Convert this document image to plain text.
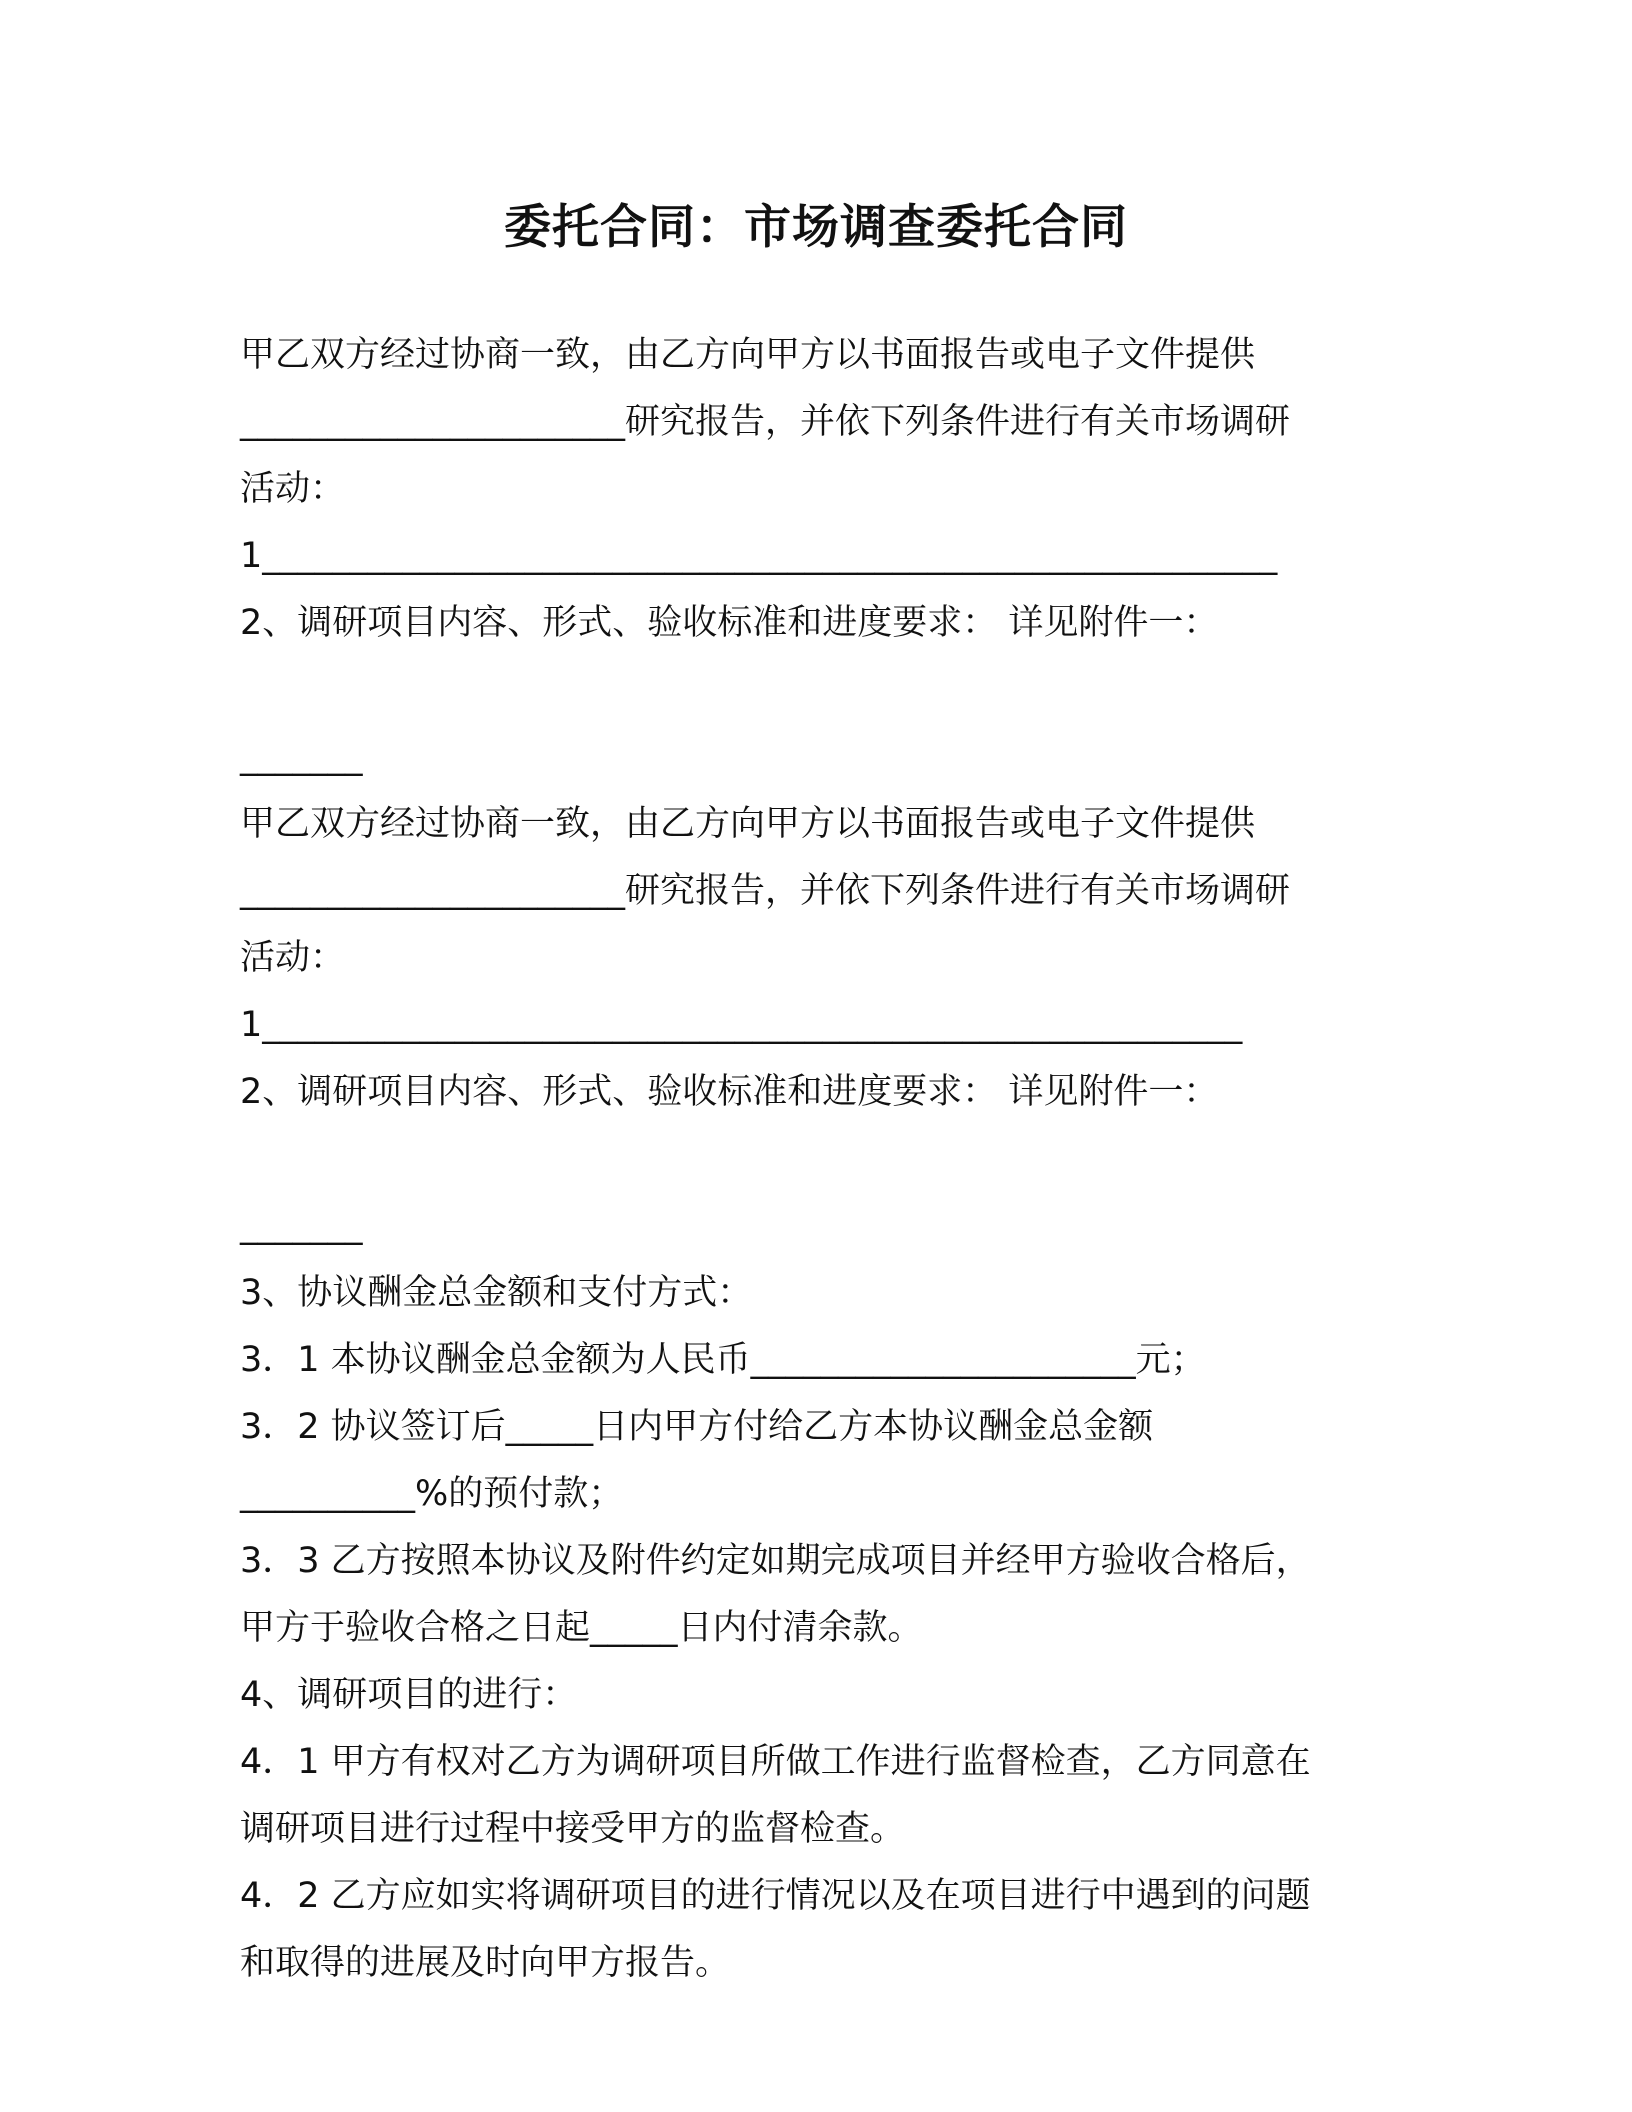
委托合同：市场调查委托合同
甲乙双方经过协商一致，由乙方向甲方以书面报告或电子文件提供
______________________研究报告，并依下列条件进行有关市场调研
活动：
1__________________________________________________________
2、调研项目内容、形式、验收标准和进度要求： 详见附件一：
_______
甲乙双方经过协商一致，由乙方向甲方以书面报告或电子文件提供
______________________研究报告，并依下列条件进行有关市场调研
活动：
1________________________________________________________
2、调研项目内容、形式、验收标准和进度要求： 详见附件一：
_______
3、协议酬金总金额和支付方式：
3．1 本协议酬金总金额为人民币______________________元；
3．2 协议签订后_____日内甲方付给乙方本协议酬金总金额
__________%的预付款；
3．3 乙方按照本协议及附件约定如期完成项目并经甲方验收合格后，
甲方于验收合格之日起_____日内付清余款。
4、调研项目的进行：
4．1 甲方有权对乙方为调研项目所做工作进行监督检查，乙方同意在
调研项目进行过程中接受甲方的监督检查。
4．2 乙方应如实将调研项目的进行情况以及在项目进行中遇到的问题
和取得的进展及时向甲方报告。
